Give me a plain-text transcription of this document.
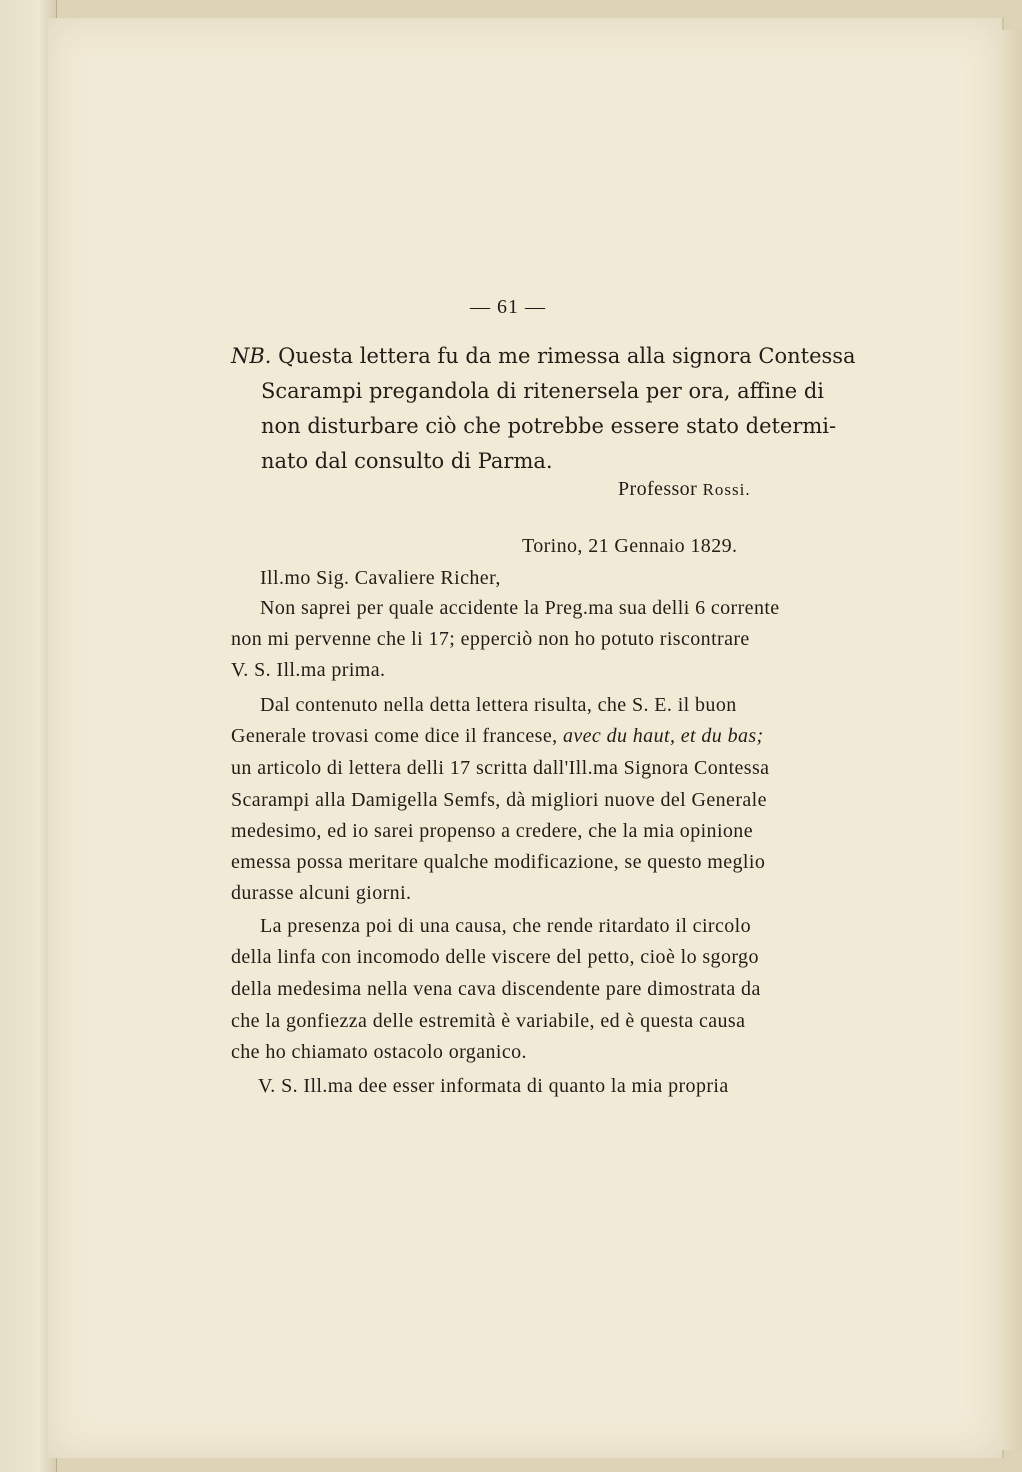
— 61 —
NB. Questa lettera fu da me rimessa alla signora Contessa
Scarampi pregandola di ritenersela per ora, affine di
non disturbare ciò che potrebbe essere stato determi-
nato dal consulto di Parma.
Professor Rossi.
Torino, 21 Gennaio 1829.
Ill.mo Sig. Cavaliere Richer,
Non saprei per quale accidente la Preg.ma sua delli 6 corrente
non mi pervenne che li 17; epperciò non ho potuto riscontrare
V. S. Ill.ma prima.
Dal contenuto nella detta lettera risulta, che S. E. il buon
Generale trovasi come dice il francese, avec du haut, et du bas;
un articolo di lettera delli 17 scritta dall'Ill.ma Signora Contessa
Scarampi alla Damigella Semfs, dà migliori nuove del Generale
medesimo, ed io sarei propenso a credere, che la mia opinione
emessa possa meritare qualche modificazione, se questo meglio
durasse alcuni giorni.
La presenza poi di una causa, che rende ritardato il circolo
della linfa con incomodo delle viscere del petto, cioè lo sgorgo
della medesima nella vena cava discendente pare dimostrata da
che la gonfiezza delle estremità è variabile, ed è questa causa
che ho chiamato ostacolo organico.
V. S. Ill.ma dee esser informata di quanto la mia propria
